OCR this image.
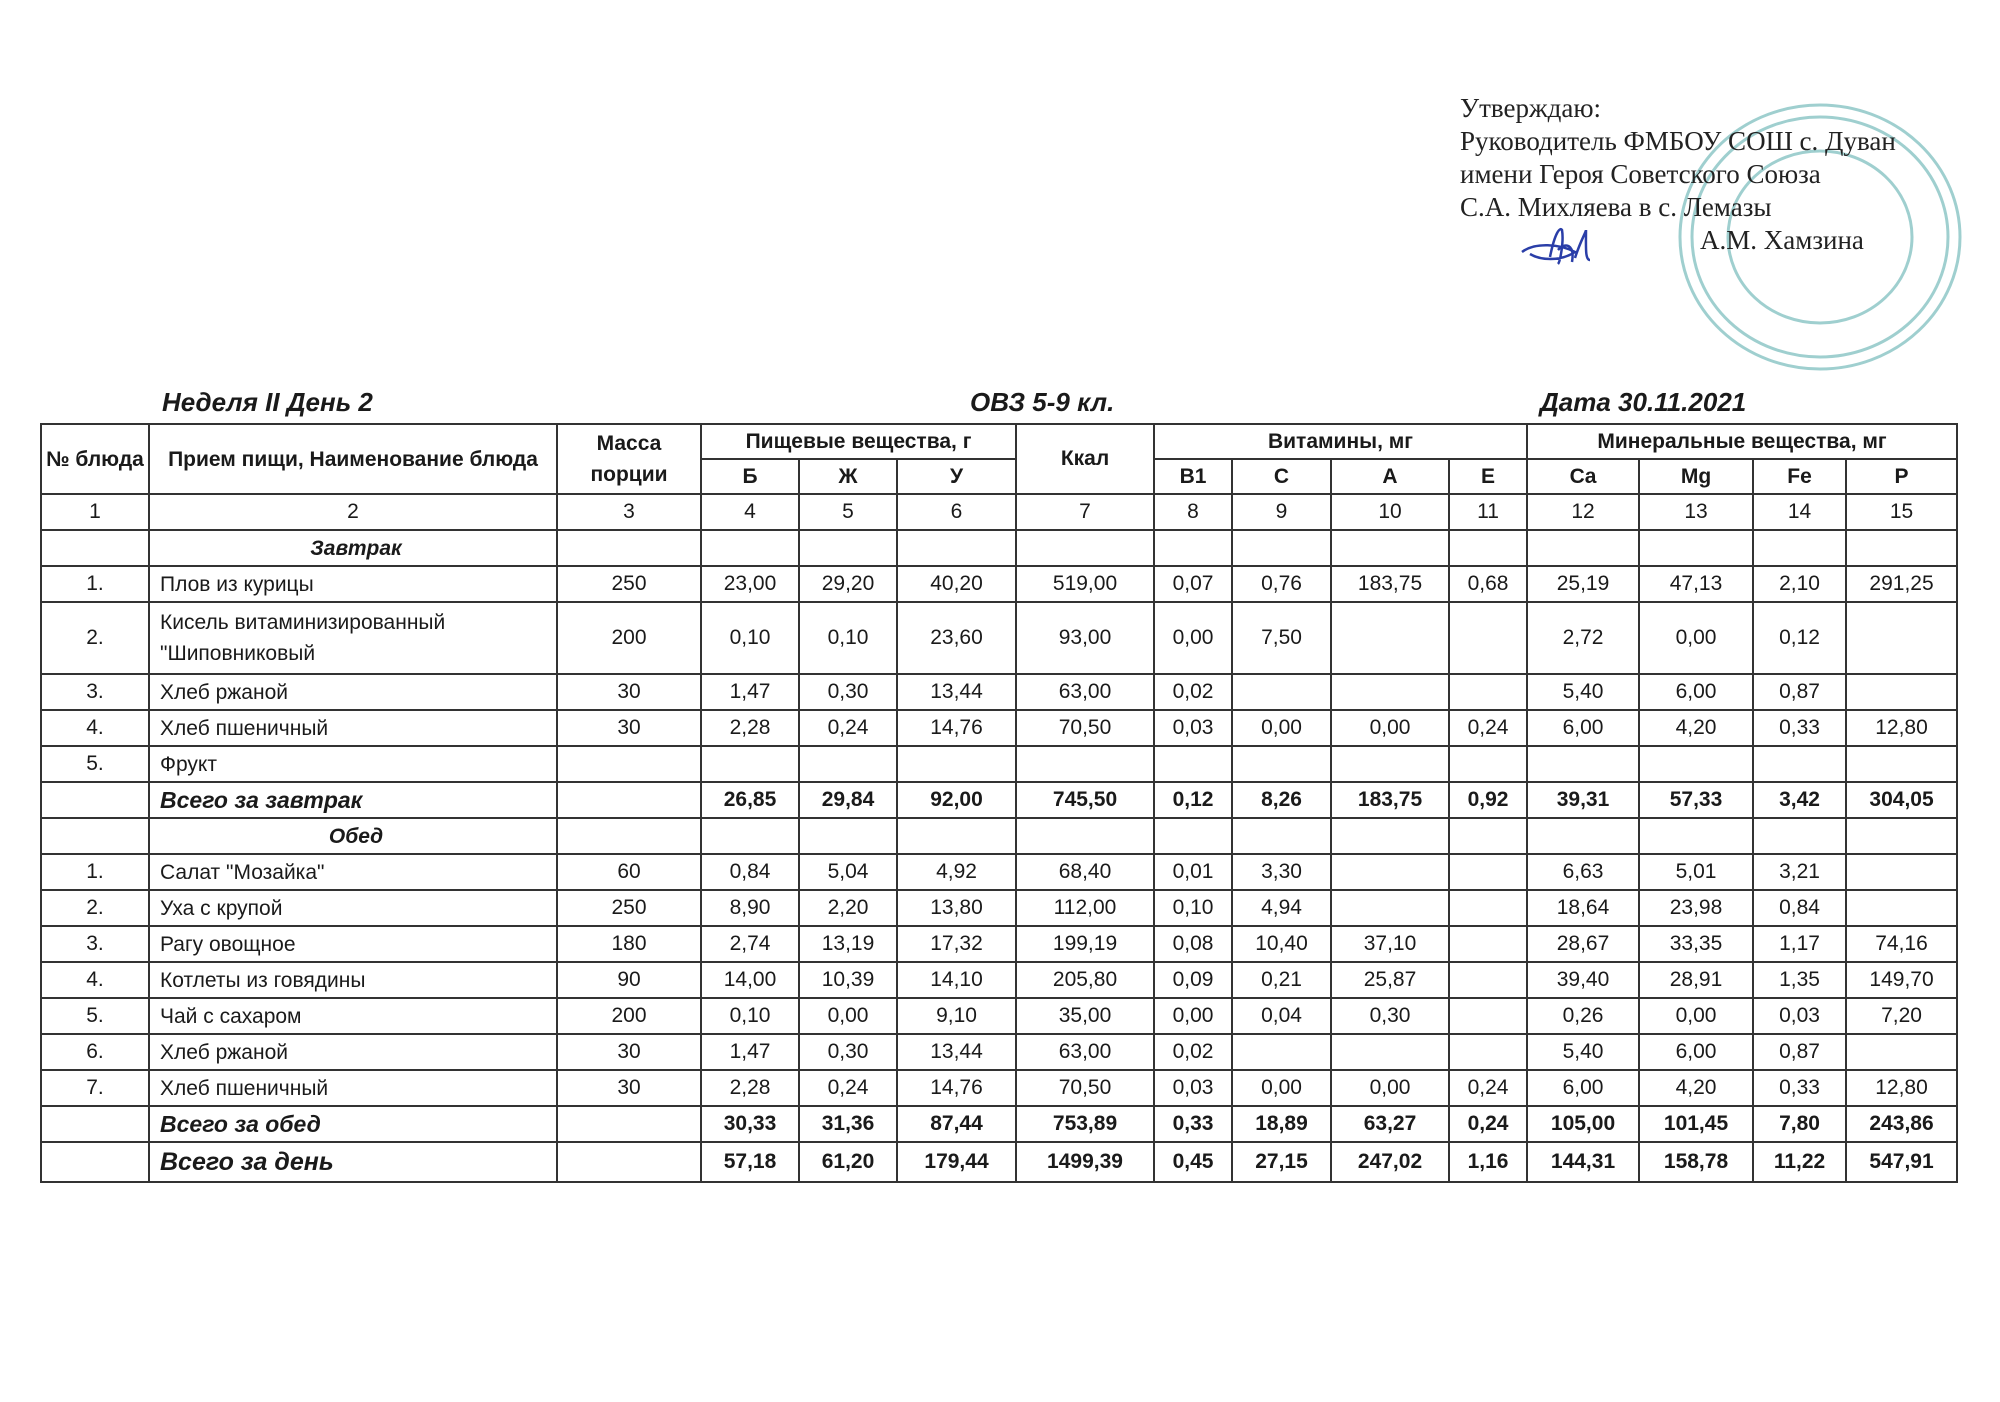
Утверждаю:
Руководитель ФМБОУ СОШ с. Дуван
имени Героя Советского Союза
С.А. Михляева в с. Лемазы
А.М. Хамзина
Неделя II День 2	ОВЗ 5-9 кл.	Дата 30.11.2021
№ блюда	Прием пищи, Наименование блюда	Масса порции	Пищевые вещества, г			Ккал	Витамины, мг				Минеральные вещества, мг			
			Б	Ж	У		B1	C	A	E	Ca	Mg	Fe	P
1	2	3	4	5	6	7	8	9	10	11	12	13	14	15
	Завтрак													
1.	Плов из курицы	250	23,00	29,20	40,20	519,00	0,07	0,76	183,75	0,68	25,19	47,13	2,10	291,25
2.	Кисель витаминизированный "Шиповниковый	200	0,10	0,10	23,60	93,00	0,00	7,50			2,72	0,00	0,12	
3.	Хлеб ржаной	30	1,47	0,30	13,44	63,00	0,02				5,40	6,00	0,87	
4.	Хлеб пшеничный	30	2,28	0,24	14,76	70,50	0,03	0,00	0,00	0,24	6,00	4,20	0,33	12,80
5.	Фрукт													
	Всего за завтрак		26,85	29,84	92,00	745,50	0,12	8,26	183,75	0,92	39,31	57,33	3,42	304,05
	Обед													
1.	Салат "Мозайка"	60	0,84	5,04	4,92	68,40	0,01	3,30			6,63	5,01	3,21	
2.	Уха с крупой	250	8,90	2,20	13,80	112,00	0,10	4,94			18,64	23,98	0,84	
3.	Рагу овощное	180	2,74	13,19	17,32	199,19	0,08	10,40	37,10		28,67	33,35	1,17	74,16
4.	Котлеты из говядины	90	14,00	10,39	14,10	205,80	0,09	0,21	25,87		39,40	28,91	1,35	149,70
5.	Чай с сахаром	200	0,10	0,00	9,10	35,00	0,00	0,04	0,30		0,26	0,00	0,03	7,20
6.	Хлеб ржаной	30	1,47	0,30	13,44	63,00	0,02				5,40	6,00	0,87	
7.	Хлеб пшеничный	30	2,28	0,24	14,76	70,50	0,03	0,00	0,00	0,24	6,00	4,20	0,33	12,80
	Всего за обед		30,33	31,36	87,44	753,89	0,33	18,89	63,27	0,24	105,00	101,45	7,80	243,86
	Всего за день		57,18	61,20	179,44	1499,39	0,45	27,15	247,02	1,16	144,31	158,78	11,22	547,91
